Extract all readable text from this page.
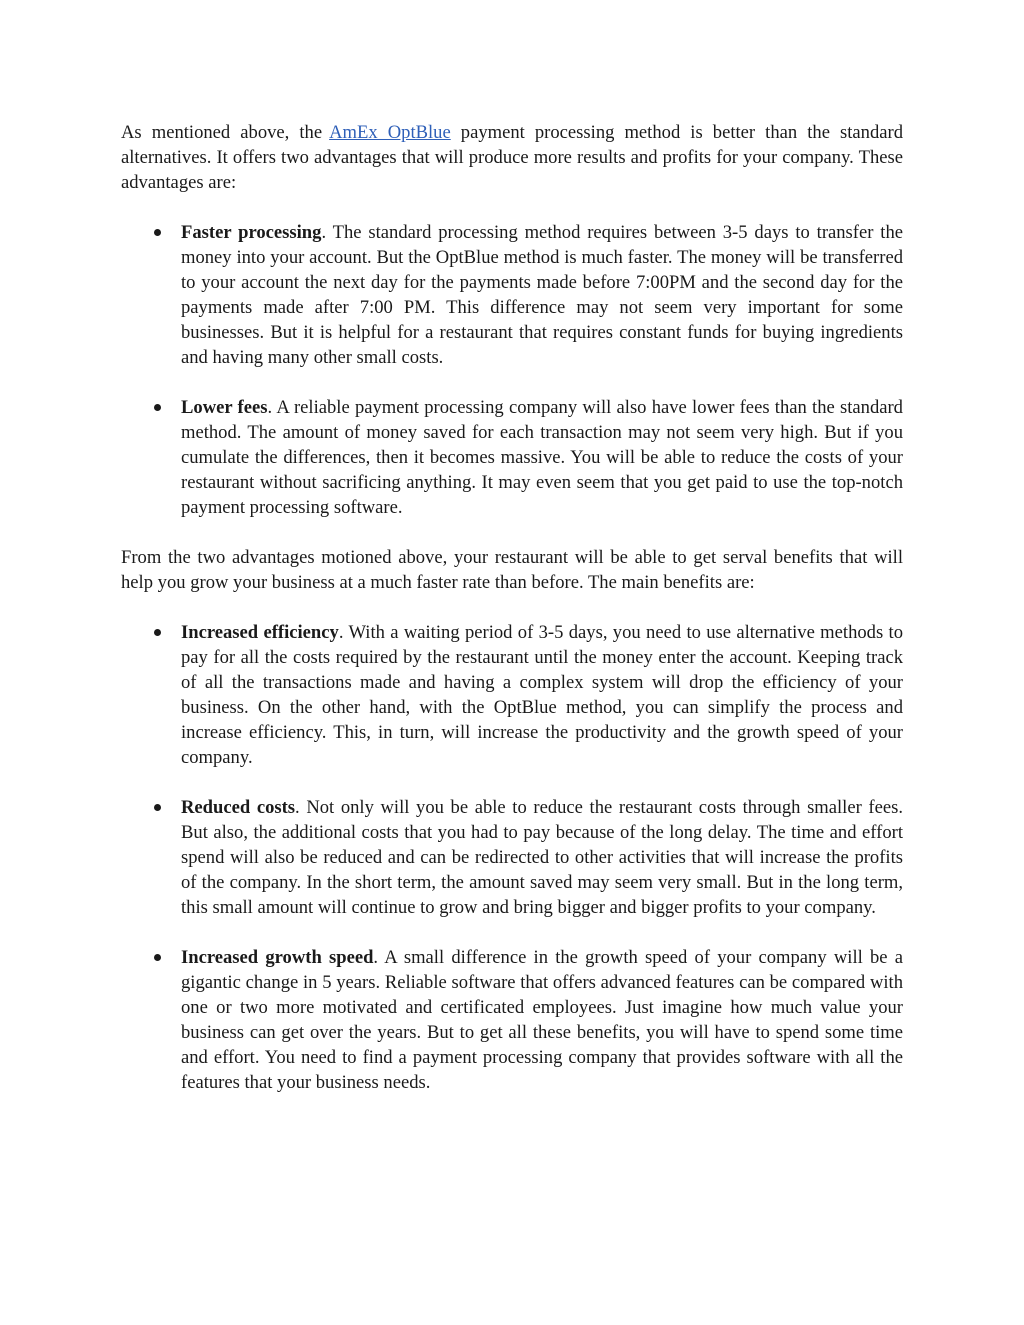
As mentioned above, the AmEx OptBlue payment processing method is better than the standard alternatives. It offers two advantages that will produce more results and profits for your company. These advantages are:

Faster processing. The standard processing method requires between 3-5 days to transfer the money into your account. But the OptBlue method is much faster. The money will be transferred to your account the next day for the payments made before 7:00PM and the second day for the payments made after 7:00 PM. This difference may not seem very important for some businesses. But it is helpful for a restaurant that requires constant funds for buying ingredients and having many other small costs.
Lower fees. A reliable payment processing company will also have lower fees than the standard method. The amount of money saved for each transaction may not seem very high. But if you cumulate the differences, then it becomes massive. You will be able to reduce the costs of your restaurant without sacrificing anything. It may even seem that you get paid to use the top-notch payment processing software.

From the two advantages motioned above, your restaurant will be able to get serval benefits that will help you grow your business at a much faster rate than before. The main benefits are:

Increased efficiency. With a waiting period of 3-5 days, you need to use alternative methods to pay for all the costs required by the restaurant until the money enter the account. Keeping track of all the transactions made and having a complex system will drop the efficiency of your business. On the other hand, with the OptBlue method, you can simplify the process and increase efficiency. This, in turn, will increase the productivity and the growth speed of your company.
Reduced costs. Not only will you be able to reduce the restaurant costs through smaller fees. But also, the additional costs that you had to pay because of the long delay. The time and effort spend will also be reduced and can be redirected to other activities that will increase the profits of the company. In the short term, the amount saved may seem very small. But in the long term, this small amount will continue to grow and bring bigger and bigger profits to your company.
Increased growth speed. A small difference in the growth speed of your company will be a gigantic change in 5 years. Reliable software that offers advanced features can be compared with one or two more motivated and certificated employees. Just imagine how much value your business can get over the years. But to get all these benefits, you will have to spend some time and effort. You need to find a payment processing company that provides software with all the features that your business needs.
